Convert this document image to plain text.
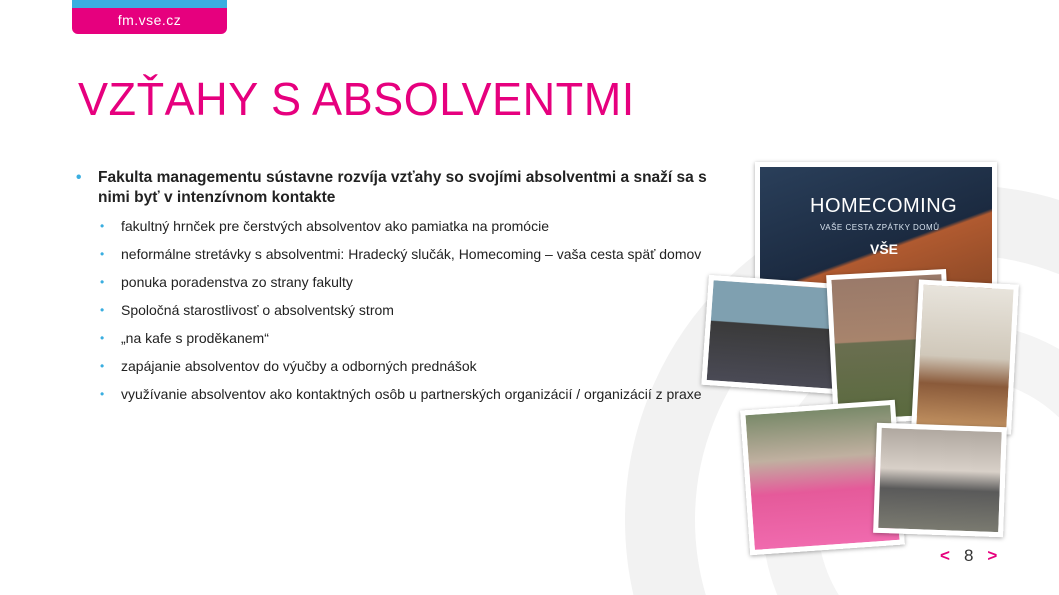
fm.vse.cz
VZŤAHY S ABSOLVENTMI
• Fakulta managementu sústavne rozvíja vzťahy so svojími absolventmi a snaží sa s nimi byť v intenzívnom kontakte
• fakultný hrnček pre čerstvých absolventov ako pamiatka na promócie
• neformálne stretávky s absolventmi: Hradecký slučák, Homecoming – vaša cesta späť domov
• ponuka poradenstva zo strany fakulty
• Spoločná starostlivosť o absolventský strom
• „na kafe s proděkanem“
• zapájanie absolventov do výučby a odborných prednášok
• využívanie absolventov ako kontaktných osôb u partnerských organizácií / organizácií z praxe
HOMECOMING
VAŠE CESTA ZPÁTKY DOMŮ
VŠE
< 8 >
